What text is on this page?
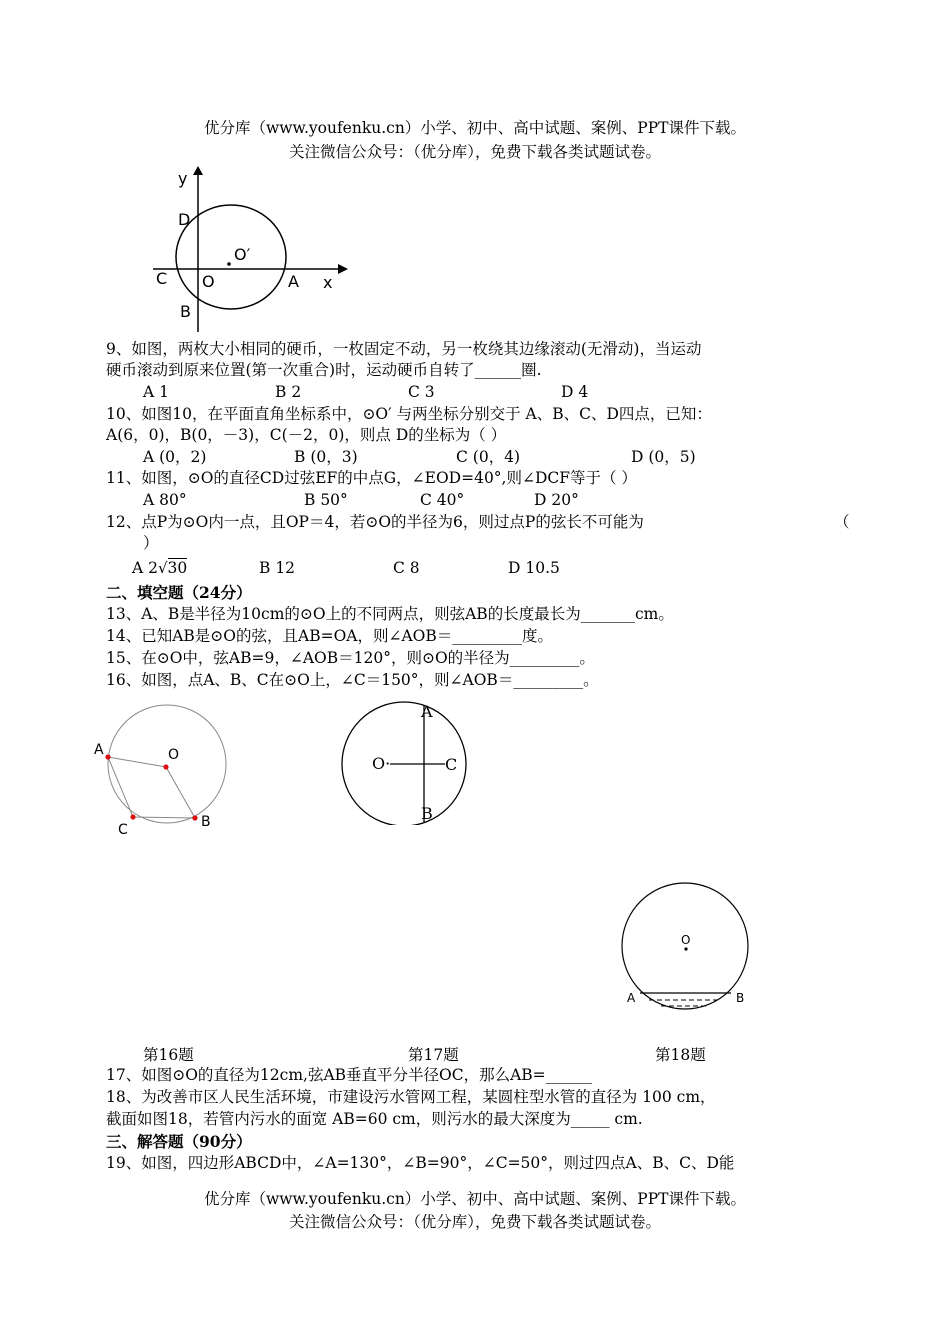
优分库（www.youfenku.cn）小学、初中、高中试题、案例、PPT课件下载。
关注微信公众号：（优分库），免费下载各类试题试卷。
y
x
D
O′
C O	A
B
9、如图，两枚大小相同的硬币，一枚固定不动，另一枚绕其边缘滚动(无滑动)，当运动
硬币滚动到原来位置(第一次重合)时，运动硬币自转了______圈.
A 1	B 2	C 3	D 4
10、如图10，在平面直角坐标系中，⊙O′ 与两坐标分别交于 A、B、C、D四点，已知：
A(6，0)，B(0，－3)，C(－2，0)，则点 D的坐标为（ ）
A (0，2)	B (0，3)	C (0，4)	D (0，5)
11、如图，⊙O的直径CD过弦EF的中点G，∠EOD=40°,则∠DCF等于（ ）
A 80°	B 50°	C 40°	D 20°
12、点P为⊙O内一点，且OP＝4，若⊙O的半径为6，则过点P的弦长不可能为	（
）
A 2√30	B 12	C 8	D 10.5
二、填空题（24分）
13、A、B是半径为10cm的⊙O上的不同两点，则弦AB的长度最长为_______cm。
14、已知AB是⊙O的弦，且AB=OA，则∠AOB＝_________度。
15、在⊙O中，弦AB=9，∠AOB＝120°，则⊙O的半径为_________。
16、如图，点A、B、C在⊙O上，∠C＝150°，则∠AOB＝_________。
A	O
B
C
A
O·	C
B
O
A	B
第16题	第17题	第18题
17、如图⊙O的直径为12cm,弦AB垂直平分半径OC，那么AB=______
18、为改善市区人民生活环境，市建设污水管网工程，某圆柱型水管的直径为 100 cm，
截面如图18，若管内污水的面宽 AB=60 cm，则污水的最大深度为_____ cm.
三、解答题（90分）
19、如图，四边形ABCD中，∠A=130°，∠B=90°，∠C=50°，则过四点A、B、C、D能
优分库（www.youfenku.cn）小学、初中、高中试题、案例、PPT课件下载。
关注微信公众号：（优分库），免费下载各类试题试卷。
